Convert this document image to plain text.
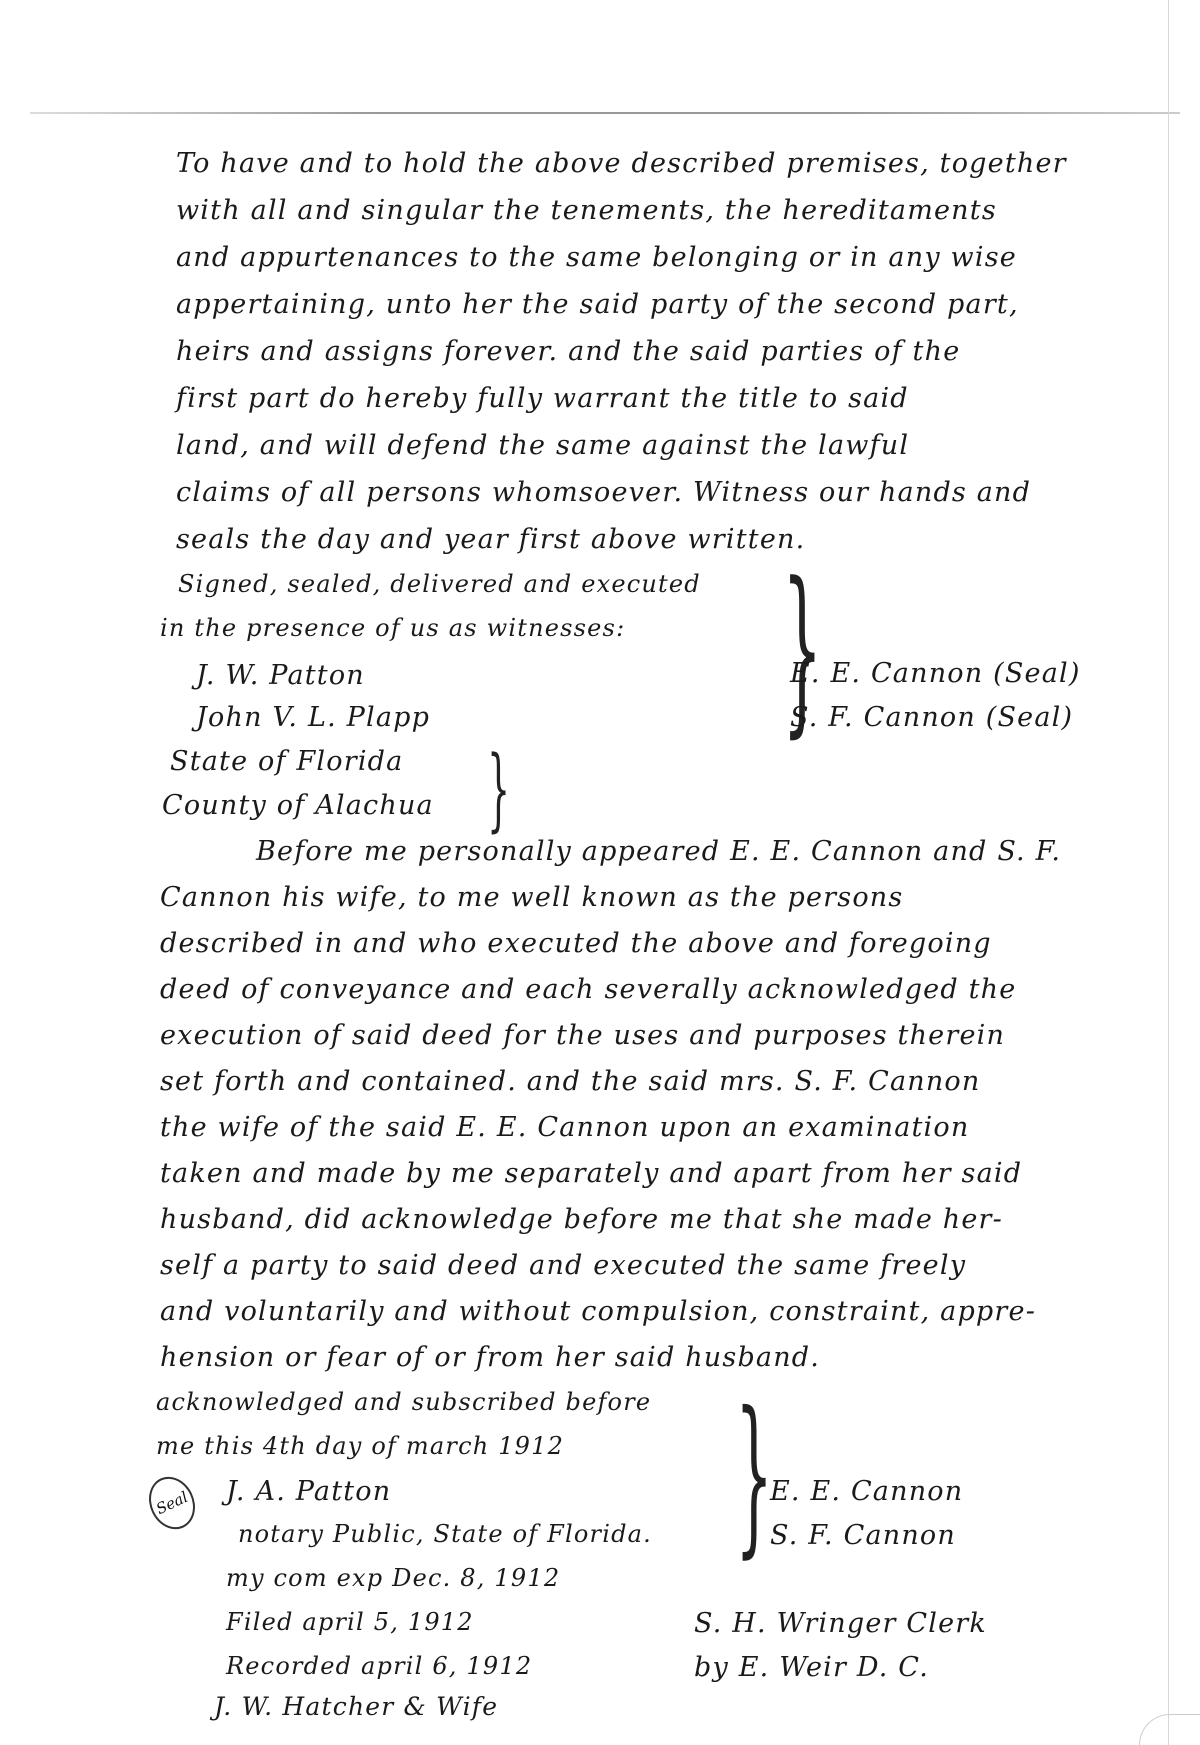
To have and to hold the above described premises, together
with all and singular the tenements, the hereditaments
and appurtenances to the same belonging or in any wise
appertaining, unto her the said party of the second part,
heirs and assigns forever. and the said parties of the
first part do hereby fully warrant the title to said
land, and will defend the same against the lawful
claims of all persons whomsoever. Witness our hands and
seals the day and year first above written.
Signed, sealed, delivered and executed
in the presence of us as witnesses:
J. W. Patton
John V. L. Plapp }
E. E. Cannon (Seal)
S. F. Cannon (Seal)
State of Florida
County of Alachua }
Before me personally appeared E. E. Cannon and S. F.
Cannon his wife, to me well known as the persons
described in and who executed the above and foregoing
deed of conveyance and each severally acknowledged the
execution of said deed for the uses and purposes therein
set forth and contained. and the said mrs. S. F. Cannon
the wife of the said E. E. Cannon upon an examination
taken and made by me separately and apart from her said
husband, did acknowledge before me that she made her-
self a party to said deed and executed the same freely
and voluntarily and without compulsion, constraint, appre-
hension or fear of or from her said husband.
acknowledged and subscribed before
me this 4th day of march 1912
Seal	J. A. Patton
notary Public, State of Florida.
my com exp Dec. 8, 1912
}
E. E. Cannon
S. F. Cannon
Filed april 5, 1912
Recorded april 6, 1912
S. H. Wringer Clerk
by E. Weir D. C.
J. W. Hatcher & Wife
